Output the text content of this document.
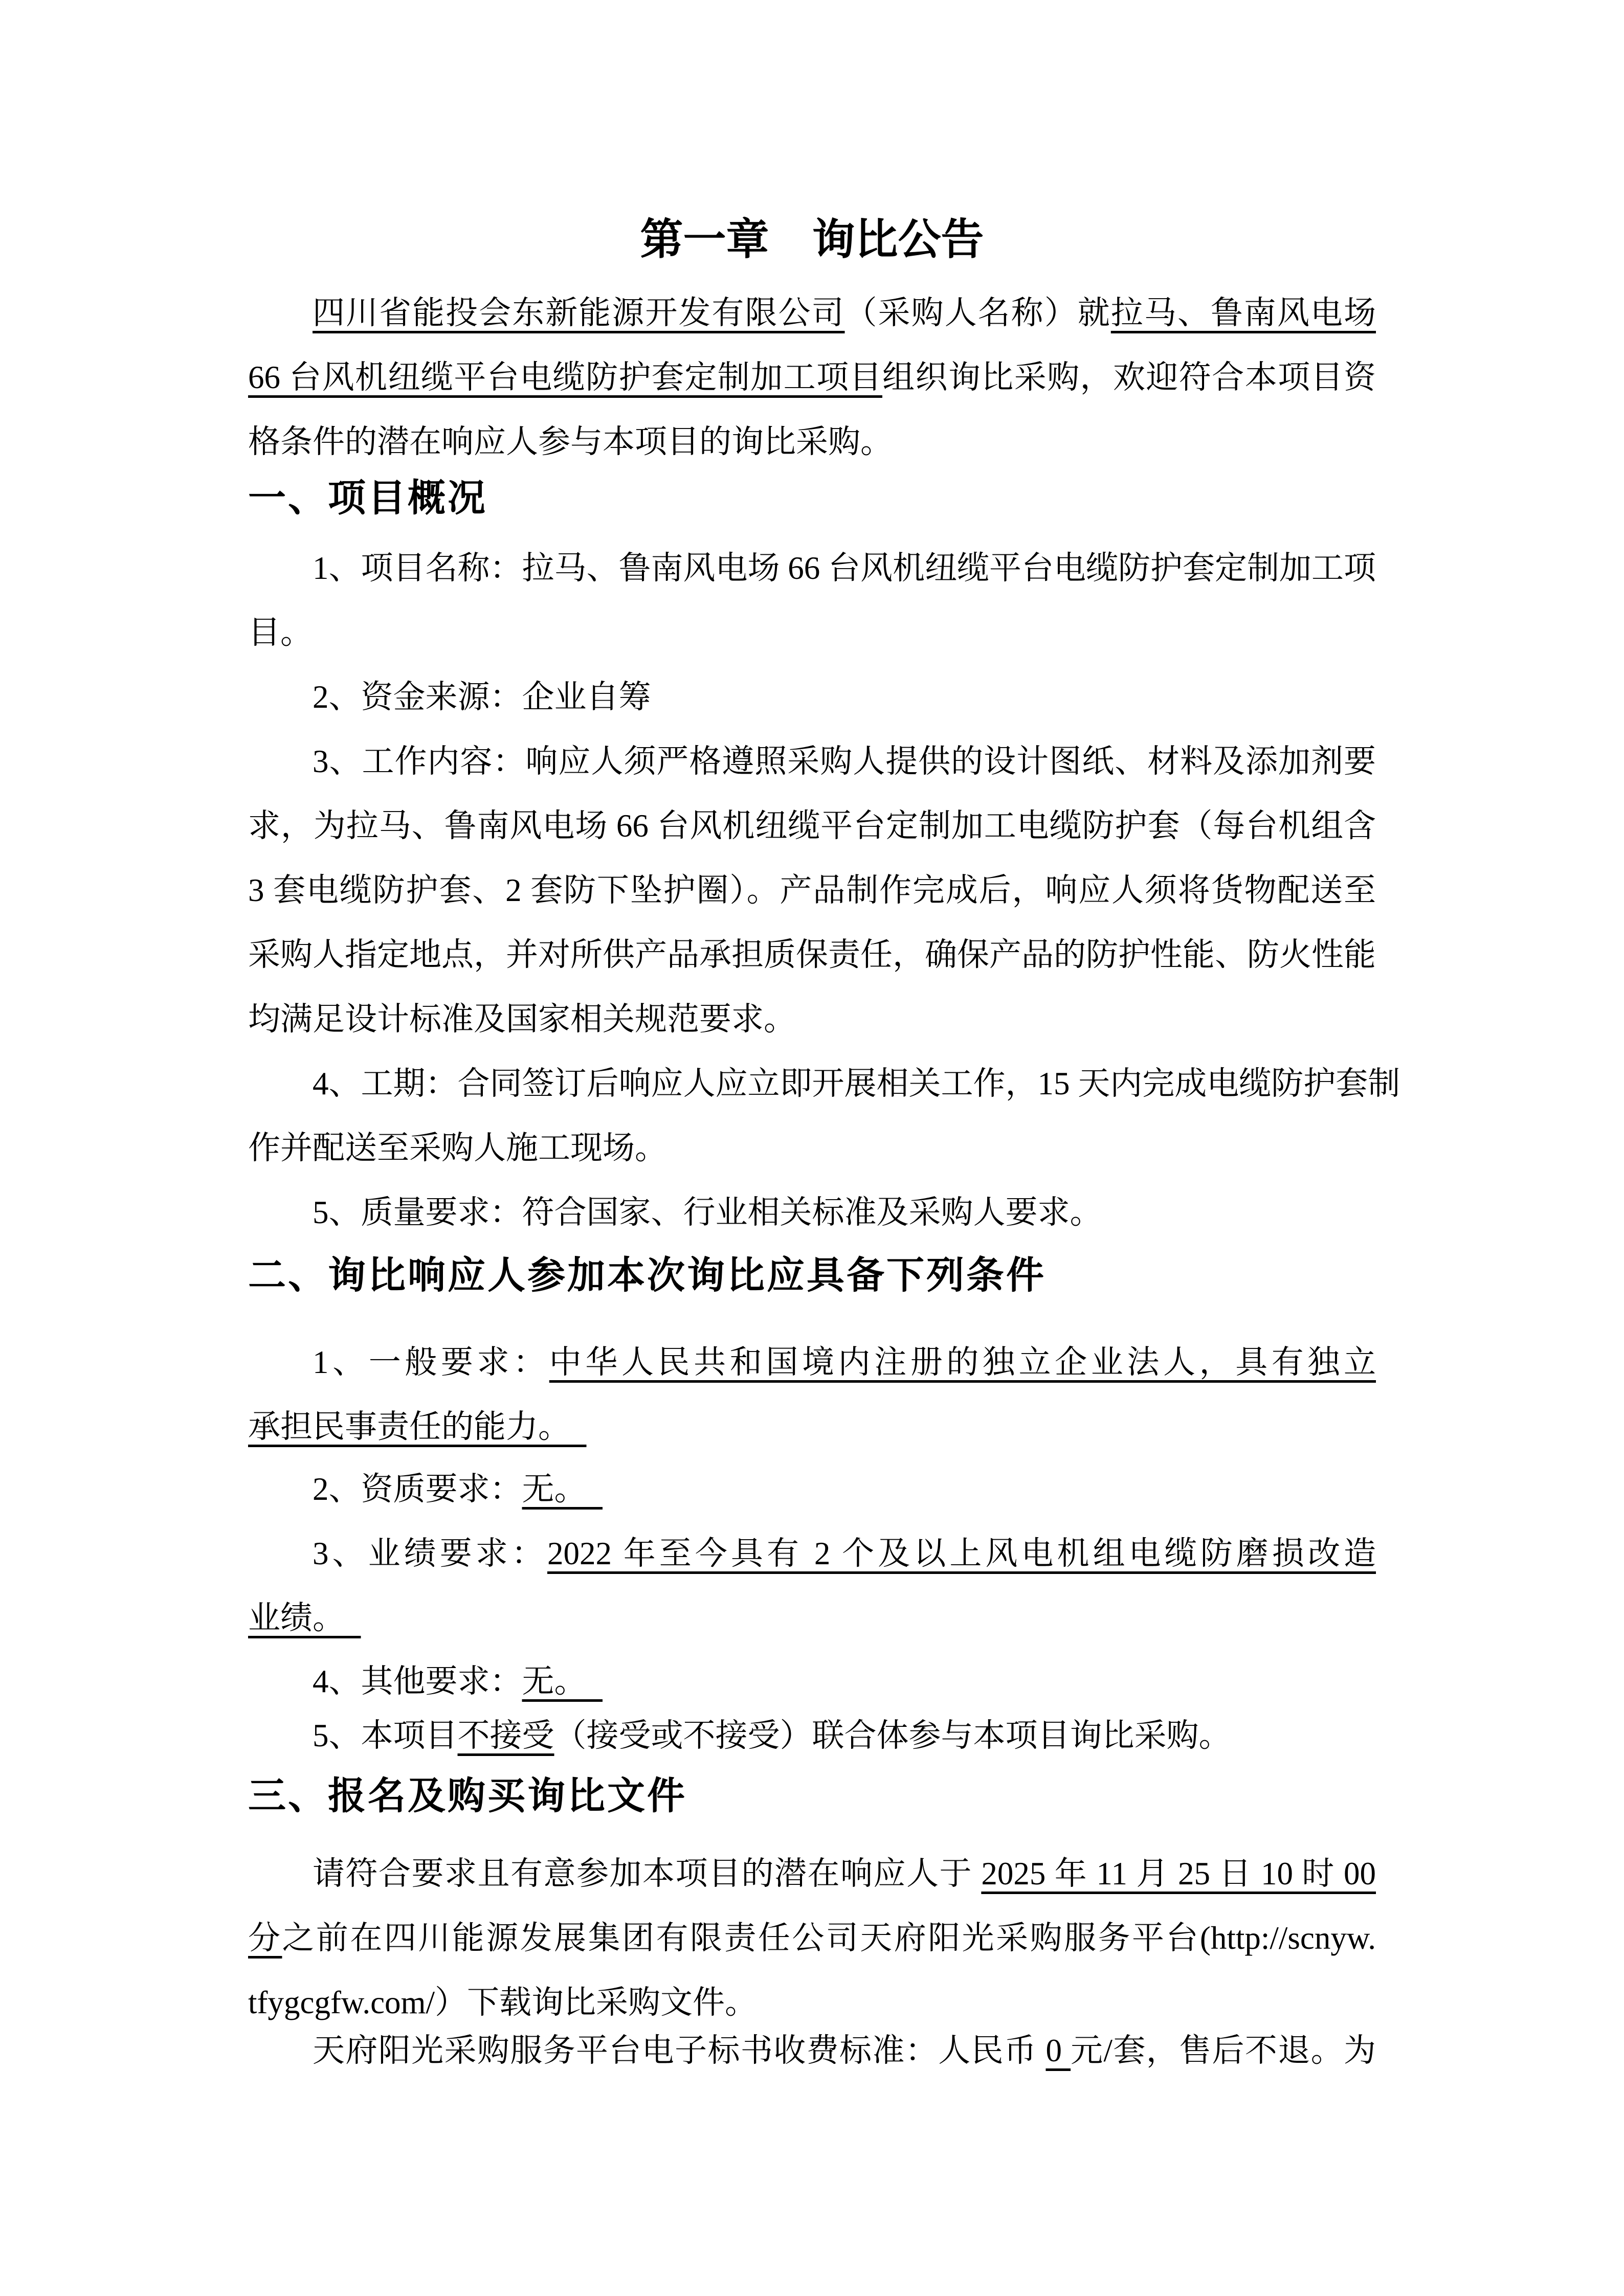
第一章　询比公告
四川省能投会东新能源开发有限公司（采购人名称）就拉马、鲁南风电场
66 台风机纽缆平台电缆防护套定制加工项目组织询比采购，欢迎符合本项目资
格条件的潜在响应人参与本项目的询比采购。
一、项目概况
1、项目名称：拉马、鲁南风电场 66 台风机纽缆平台电缆防护套定制加工项
目。
2、资金来源：企业自筹
3、工作内容：响应人须严格遵照采购人提供的设计图纸、材料及添加剂要
求，为拉马、鲁南风电场 66 台风机纽缆平台定制加工电缆防护套（每台机组含
3 套电缆防护套、2 套防下坠护圈）。产品制作完成后，响应人须将货物配送至
采购人指定地点，并对所供产品承担质保责任，确保产品的防护性能、防火性能
均满足设计标准及国家相关规范要求。
4、工期：合同签订后响应人应立即开展相关工作，15 天内完成电缆防护套制
作并配送至采购人施工现场。
5、质量要求：符合国家、行业相关标准及采购人要求。
二、询比响应人参加本次询比应具备下列条件
1、一般要求：中华人民共和国境内注册的独立企业法人，具有独立
承担民事责任的能力。　
2、资质要求：无。　
3、业绩要求：2022 年至今具有 2 个及以上风电机组电缆防磨损改造
业绩。　
4、其他要求：无。　
5、本项目不接受（接受或不接受）联合体参与本项目询比采购。
三、报名及购买询比文件
请符合要求且有意参加本项目的潜在响应人于 2025 年 11 月 25 日 10 时 00
分之前在四川能源发展集团有限责任公司天府阳光采购服务平台(http://scnyw.
tfygcgfw.com/）下载询比采购文件。
天府阳光采购服务平台电子标书收费标准：人民币 0 元/套，售后不退。为
